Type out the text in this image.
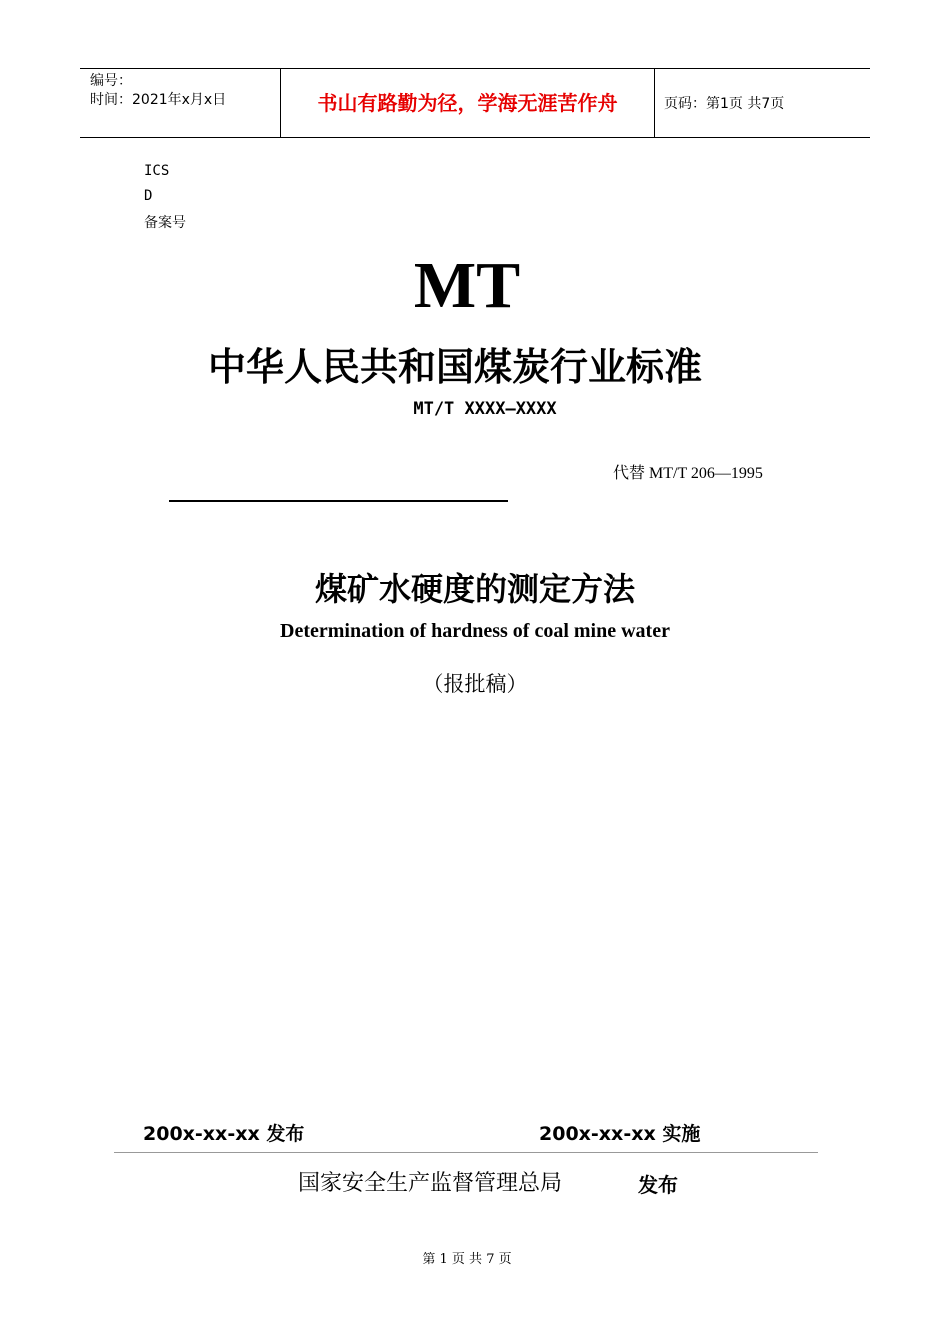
编号：
时间：2021年x月x日	书山有路勤为径，学海无涯苦作舟	页码：第1页 共7页
ICS
D
备案号
MT
中华人民共和国煤炭行业标准
MT/T XXXX—XXXX
代替 MT/T 206—1995
煤矿水硬度的测定方法
Determination of hardness of coal mine water
（报批稿）
200x-xx-xx 发布	200x-xx-xx 实施
国家安全生产监督管理总局	发布
第 1 页 共 7 页
